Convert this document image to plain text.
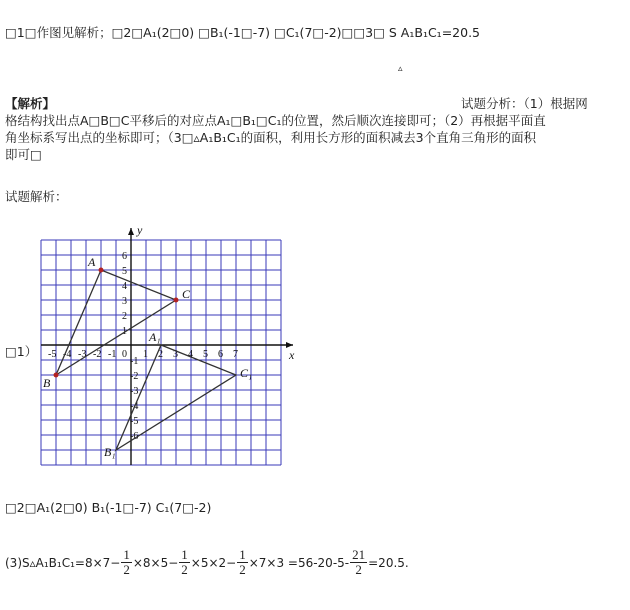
□1□作图见解析；□2□A₁(2□0) □B₁(-1□-7) □C₁(7□-2)□□3□ S A₁B₁C₁=20.5
▵
【解析】	试题分析：（1）根据网
格结构找出点A□B□C平移后的对应点A₁□B₁□C₁的位置，然后顺次连接即可；（2）再根据平面直
角坐标系写出点的坐标即可；（3□▵A₁B₁C₁的面积，利用长方形的面积减去3个直角三角形的面积
即可□
试题解析：
□1）	x
y
-5 -4 -3 -2 -1 0 1 2 3 4 5 6 7
6
5
4
3
2
1
-1
-2
-3
-4
-5
-6
A
B
C
A₁
B₁
C₁
□2□A₁(2□0) B₁(-1□-7) C₁(7□-2)
(3)S▵A₁B₁C₁=8×7− $\frac{1}{2} \times 8\times 5- \frac{1}{2} \times 5\times 2- \frac{1}{2} \times 7\times 3 =56-20-5- \frac{21}{2} =20.5$.
